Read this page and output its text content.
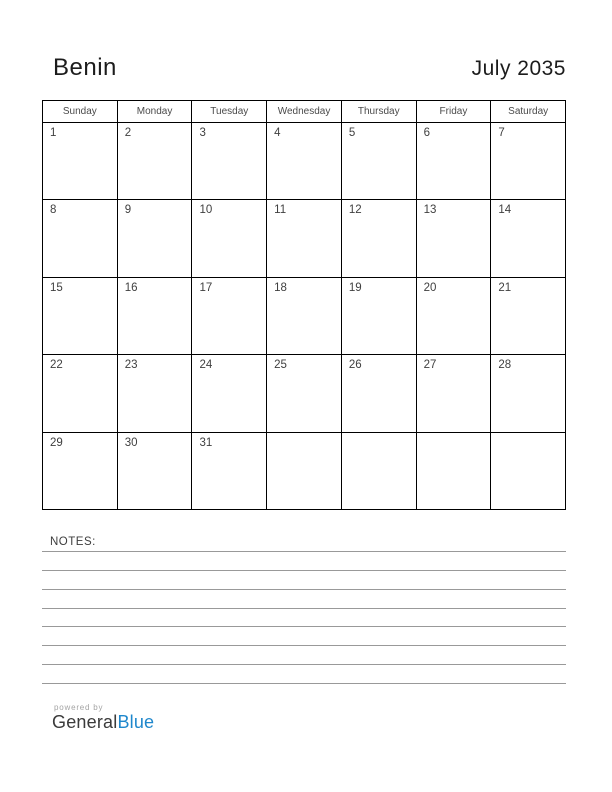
Benin	July 2035
Sunday	Monday	Tuesday	Wednesday	Thursday	Friday	Saturday
1	2	3	4	5	6	7
8	9	10	11	12	13	14
15	16	17	18	19	20	21
22	23	24	25	26	27	28
29	30	31
NOTES:
powered by
GeneralBlue
